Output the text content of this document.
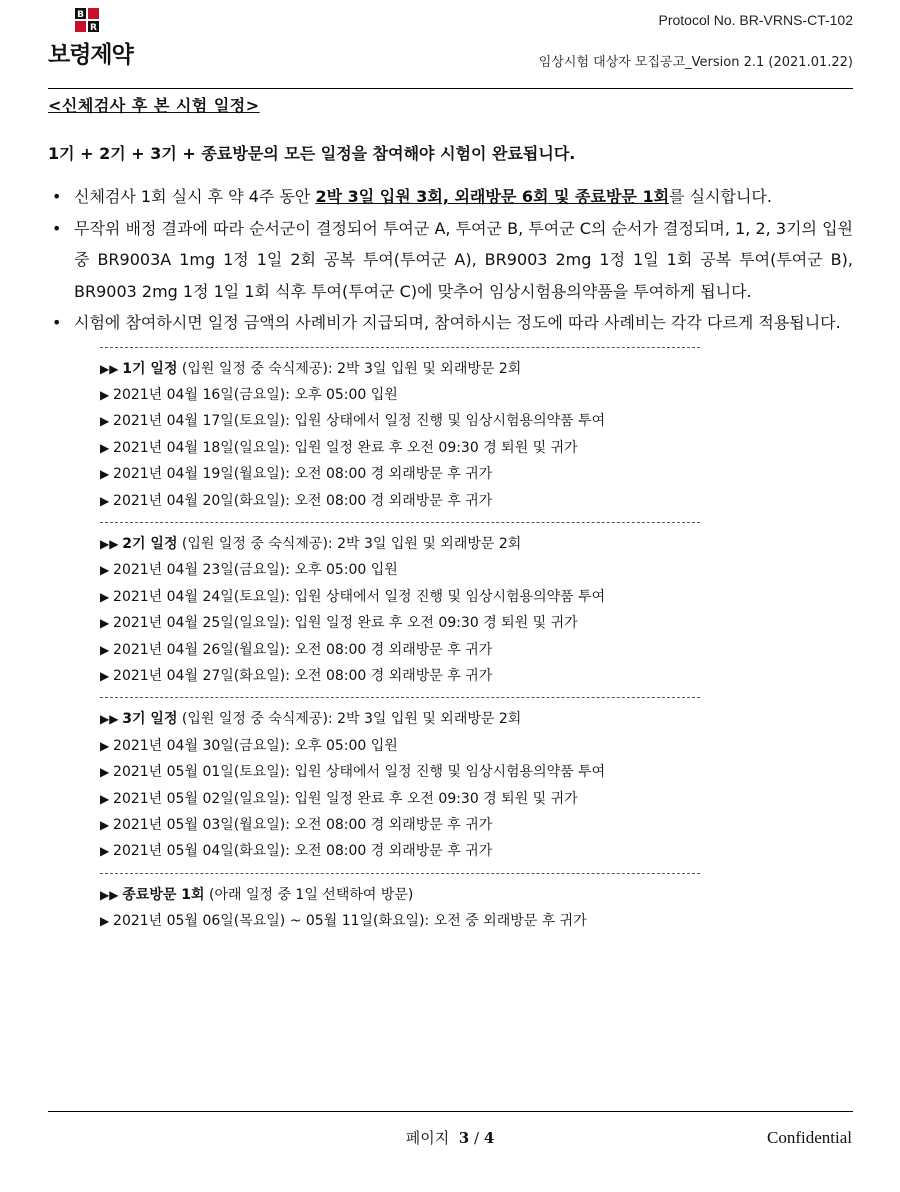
B
R
보령제약
Protocol No. BR-VRNS-CT-102
임상시험 대상자 모집공고_Version 2.1 (2021.01.22)

<신체검사 후 본 시험 일정>

1기 + 2기 + 3기 + 종료방문의 모든 일정을 참여해야 시험이 완료됩니다.

• 신체검사 1회 실시 후 약 4주 동안 2박 3일 입원 3회, 외래방문 6회 및 종료방문 1회를 실시합니다.
• 무작위 배정 결과에 따라 순서군이 결정되어 투여군 A, 투여군 B, 투여군 C의 순서가 결정되며, 1, 2, 3기의 입원 중 BR9003A 1mg 1정 1일 2회 공복 투여(투여군 A), BR9003 2mg 1정 1일 1회 공복 투여(투여군 B), BR9003 2mg 1정 1일 1회 식후 투여(투여군 C)에 맞추어 임상시험용의약품을 투여하게 됩니다.
• 시험에 참여하시면 일정 금액의 사례비가 지급되며, 참여하시는 정도에 따라 사례비는 각각 다르게 적용됩니다.
▶▶ 1기 일정 (입원 일정 중 숙식제공): 2박 3일 입원 및 외래방문 2회
▶ 2021년 04월 16일(금요일): 오후 05:00 입원
▶ 2021년 04월 17일(토요일): 입원 상태에서 일정 진행 및 임상시험용의약품 투여
▶ 2021년 04월 18일(일요일): 입원 일정 완료 후 오전 09:30 경 퇴원 및 귀가
▶ 2021년 04월 19일(월요일): 오전 08:00 경 외래방문 후 귀가
▶ 2021년 04월 20일(화요일): 오전 08:00 경 외래방문 후 귀가
▶▶ 2기 일정 (입원 일정 중 숙식제공): 2박 3일 입원 및 외래방문 2회
▶ 2021년 04월 23일(금요일): 오후 05:00 입원
▶ 2021년 04월 24일(토요일): 입원 상태에서 일정 진행 및 임상시험용의약품 투여
▶ 2021년 04월 25일(일요일): 입원 일정 완료 후 오전 09:30 경 퇴원 및 귀가
▶ 2021년 04월 26일(월요일): 오전 08:00 경 외래방문 후 귀가
▶ 2021년 04월 27일(화요일): 오전 08:00 경 외래방문 후 귀가
▶▶ 3기 일정 (입원 일정 중 숙식제공): 2박 3일 입원 및 외래방문 2회
▶ 2021년 04월 30일(금요일): 오후 05:00 입원
▶ 2021년 05월 01일(토요일): 입원 상태에서 일정 진행 및 임상시험용의약품 투여
▶ 2021년 05월 02일(일요일): 입원 일정 완료 후 오전 09:30 경 퇴원 및 귀가
▶ 2021년 05월 03일(월요일): 오전 08:00 경 외래방문 후 귀가
▶ 2021년 05월 04일(화요일): 오전 08:00 경 외래방문 후 귀가
▶▶ 종료방문 1회 (아래 일정 중 1일 선택하여 방문)
▶ 2021년 05월 06일(목요일) ~ 05월 11일(화요일): 오전 중 외래방문 후 귀가
페이지 3 / 4	Confidential
